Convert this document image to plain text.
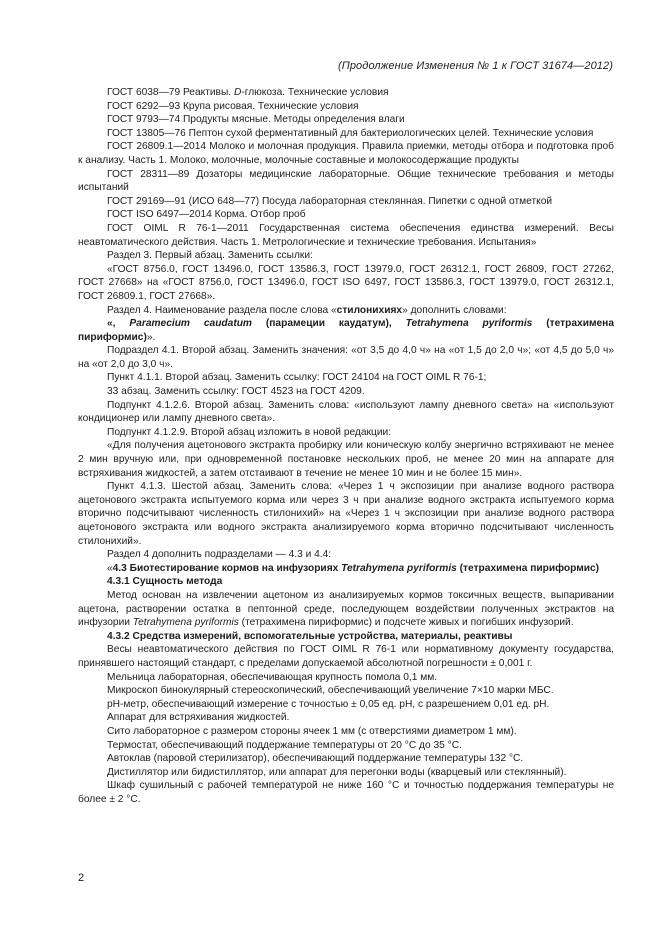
(Продолжение Изменения № 1 к ГОСТ 31674—2012)

ГОСТ 6038—79 Реактивы. D-глюкоза. Технические условия

ГОСТ 6292—93 Крупа рисовая. Технические условия

ГОСТ 9793—74 Продукты мясные. Методы определения влаги

ГОСТ 13805—76 Пептон сухой ферментативный для бактериологических целей. Технические условия

ГОСТ 26809.1—2014 Молоко и молочная продукция. Правила приемки, методы отбора и подготовка проб к анализу. Часть 1. Молоко, молочные, молочные составные и молокосодержащие продукты

ГОСТ 28311—89 Дозаторы медицинские лабораторные. Общие технические требования и методы испытаний

ГОСТ 29169—91 (ИСО 648—77) Посуда лабораторная стеклянная. Пипетки с одной отметкой

ГОСТ ISO 6497—2014 Корма. Отбор проб

ГОСТ OIML R 76-1—2011 Государственная система обеспечения единства измерений. Весы неавтоматического действия. Часть 1. Метрологические и технические требования. Испытания»

Раздел 3. Первый абзац. Заменить ссылки:

«ГОСТ 8756.0, ГОСТ 13496.0, ГОСТ 13586.3, ГОСТ 13979.0, ГОСТ 26312.1, ГОСТ 26809, ГОСТ 27262, ГОСТ 27668» на «ГОСТ 8756.0, ГОСТ 13496.0, ГОСТ ISO 6497, ГОСТ 13586.3, ГОСТ 13979.0, ГОСТ 26312.1, ГОСТ 26809.1, ГОСТ 27668».

Раздел 4. Наименование раздела после слова «стилонихиях» дополнить словами:

«, Paramecium caudatum (парамеции каудатум), Tetrahymena pyriformis (тетрахимена пириформис)».

Подраздел 4.1. Второй абзац. Заменить значения: «от 3,5 до 4,0 ч» на «от 1,5 до 2,0 ч»; «от 4,5 до 5,0 ч» на «от 2,0 до 3,0 ч».

Пункт 4.1.1. Второй абзац. Заменить ссылку: ГОСТ 24104 на ГОСТ OIML R 76-1;

33 абзац. Заменить ссылку: ГОСТ 4523 на ГОСТ 4209.

Подпункт 4.1.2.6. Второй абзац. Заменить слова: «используют лампу дневного света» на «используют кондиционер или лампу дневного света».

Подпункт 4.1.2.9. Второй абзац изложить в новой редакции:

«Для получения ацетонового экстракта пробирку или коническую колбу энергично встряхивают не менее 2 мин вручную или, при одновременной постановке нескольких проб, не менее 20 мин на аппарате для встряхивания жидкостей, а затем отстаивают в течение не менее 10 мин и не более 15 мин».

Пункт 4.1.3. Шестой абзац. Заменить слова: «Через 1 ч экспозиции при анализе водного раствора ацетонового экстракта испытуемого корма или через 3 ч при анализе водного экстракта испытуемого корма вторично подсчитывают численность стилонихий» на «Через 1 ч экспозиции при анализе водного раствора ацетонового экстракта или водного экстракта анализируемого корма вторично подсчитывают численность стилонихий».

Раздел 4 дополнить подразделами — 4.3 и 4.4:

«4.3 Биотестирование кормов на инфузориях Tetrahymena pyriformis (тетрахимена пириформис)

4.3.1 Сущность метода

Метод основан на извлечении ацетоном из анализируемых кормов токсичных веществ, выпаривании ацетона, растворении остатка в пептонной среде, последующем воздействии полученных экстрактов на инфузории Tetrahymena pyriformis (тетрахимена пириформис) и подсчете живых и погибших инфузорий.

4.3.2 Средства измерений, вспомогательные устройства, материалы, реактивы

Весы неавтоматического действия по ГОСТ OIML R 76-1 или нормативному документу государства, принявшего настоящий стандарт, с пределами допускаемой абсолютной погрешности ± 0,001 г.

Мельница лабораторная, обеспечивающая крупность помола 0,1 мм.

Микроскоп бинокулярный стереоскопический, обеспечивающий увеличение 7×10 марки МБС.

рН-метр, обеспечивающий измерение с точностью ± 0,05 ед. рН, с разрешением 0,01 ед. рН.

Аппарат для встряхивания жидкостей.

Сито лабораторное с размером стороны ячеек 1 мм (с отверстиями диаметром 1 мм).

Термостат, обеспечивающий поддержание температуры от 20 °С до 35 °С.

Автоклав (паровой стерилизатор), обеспечивающий поддержание температуры 132 °С.

Дистиллятор или бидистиллятор, или аппарат для перегонки воды (кварцевый или стеклянный).

Шкаф сушильный с рабочей температурой не ниже 160 °С и точностью поддержания температуры не более ± 2 °С.

2
